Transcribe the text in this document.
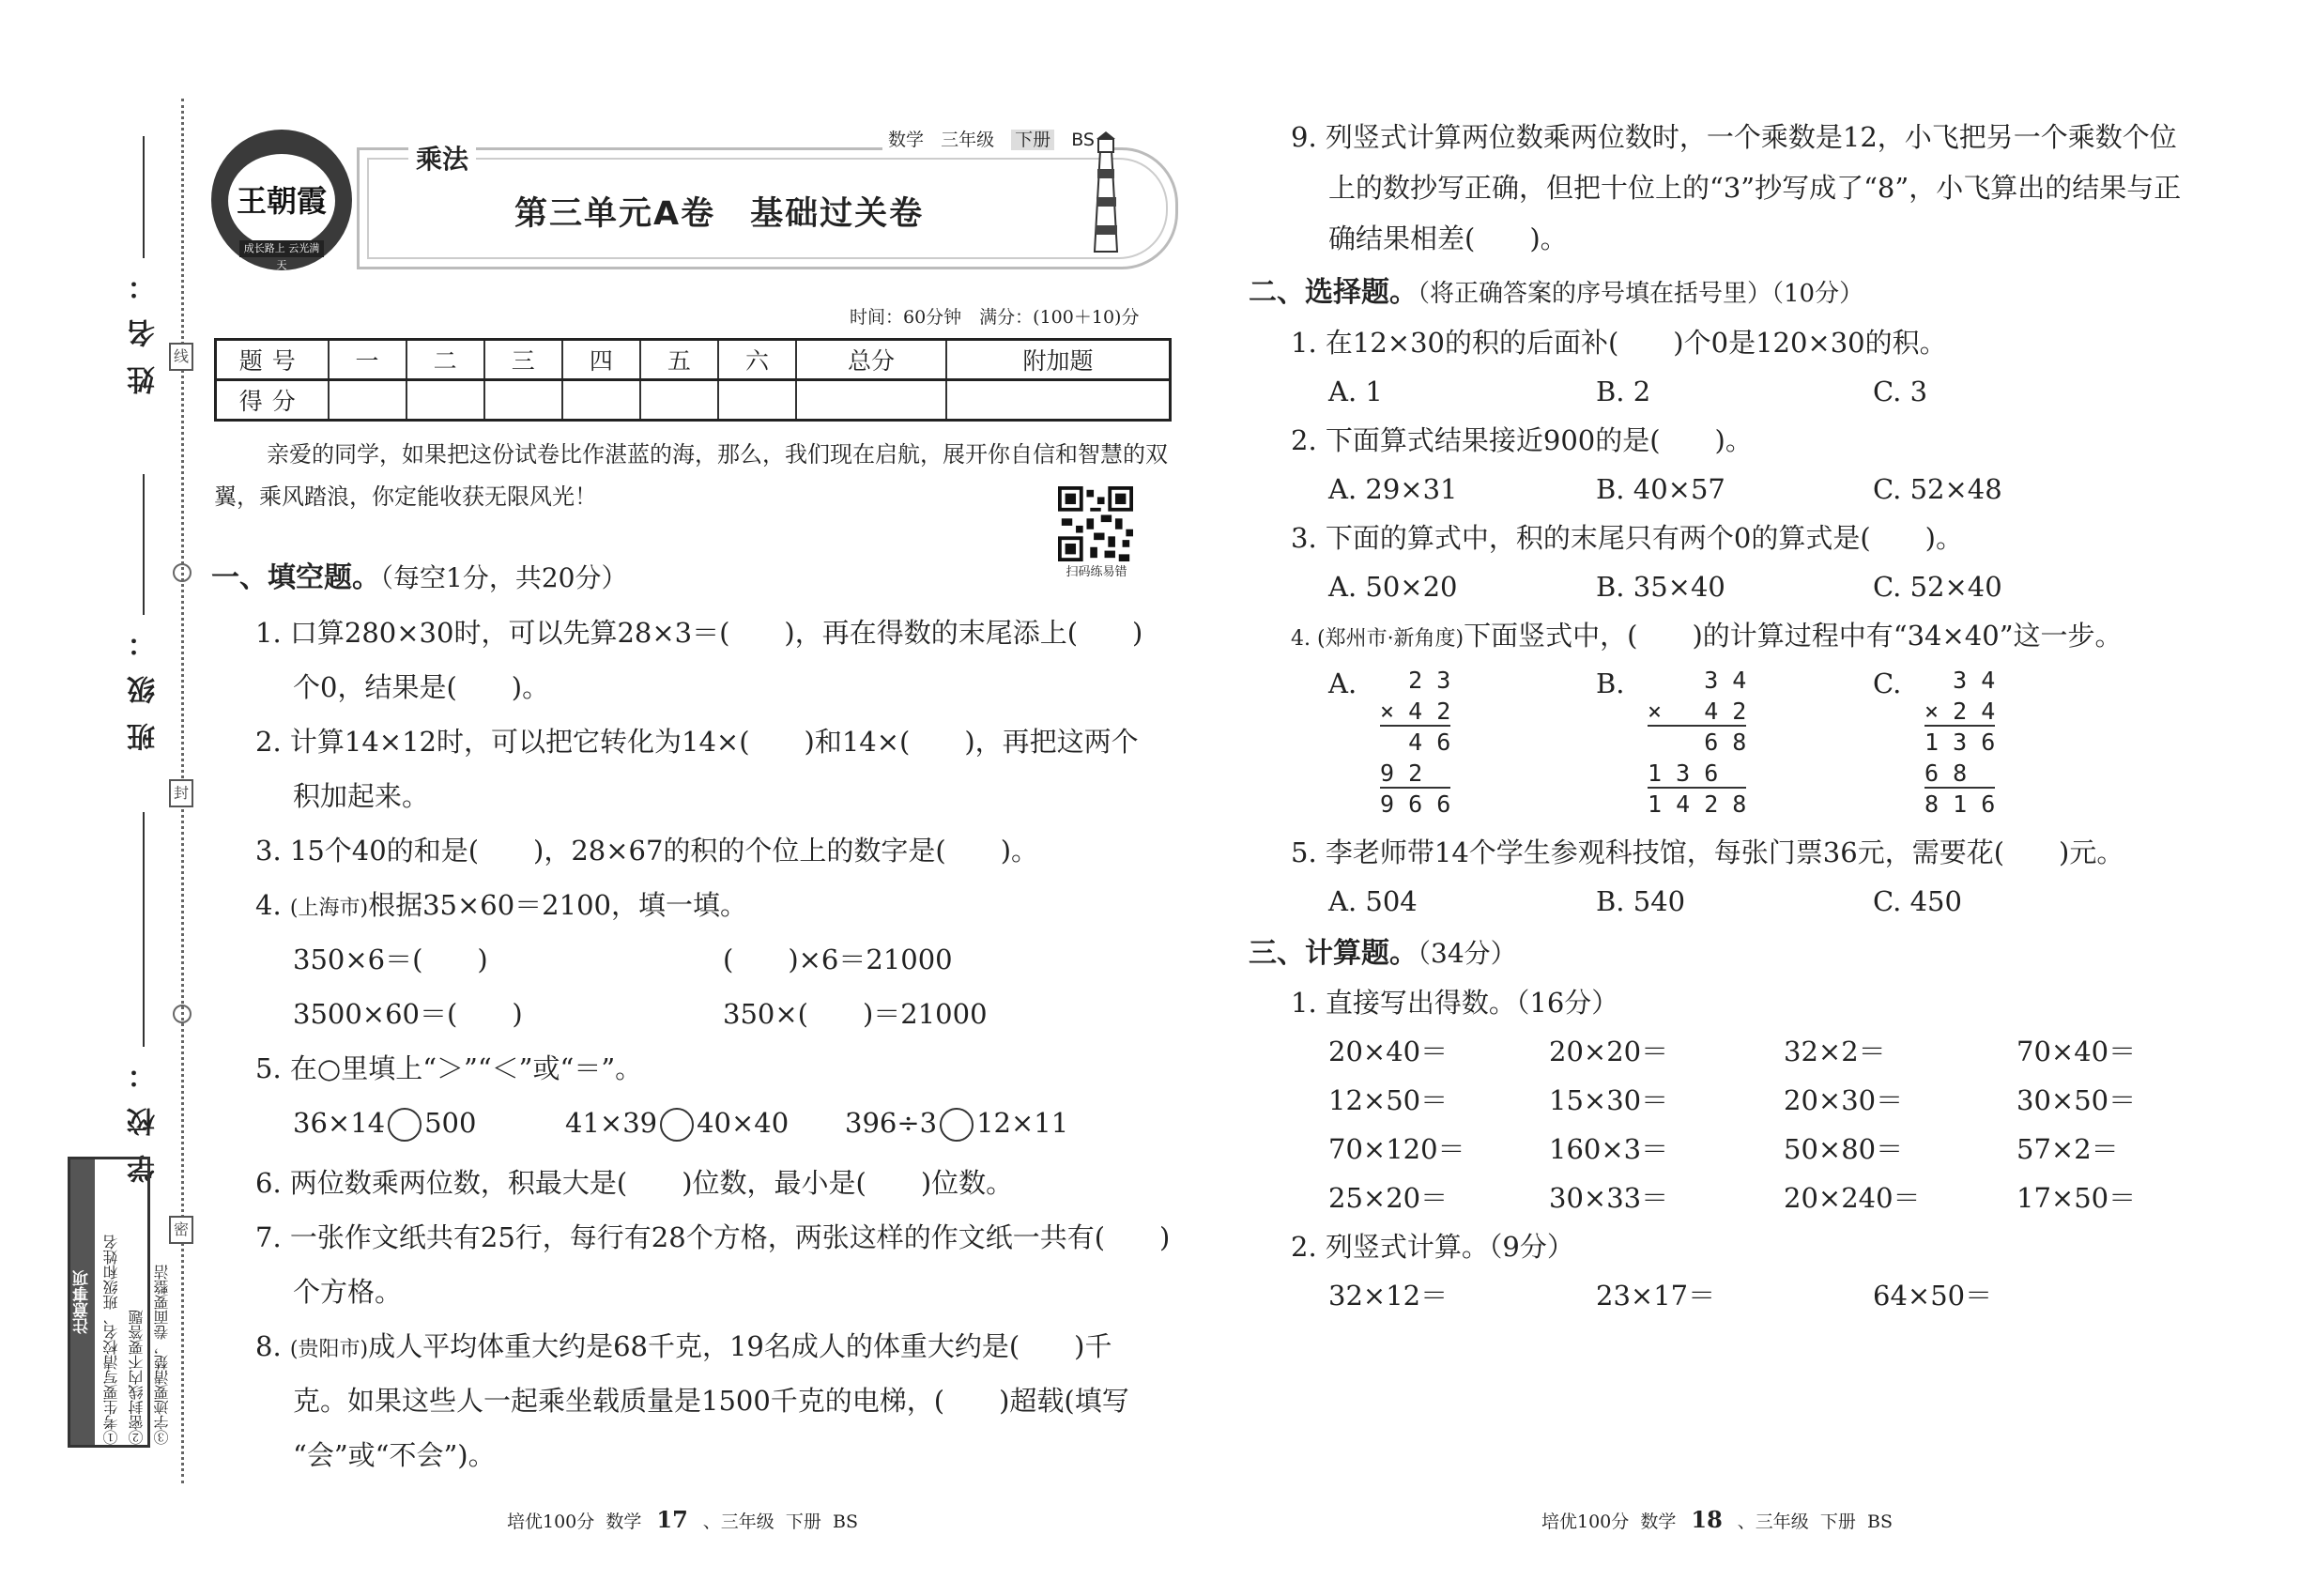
姓名：
班级：
学校：
线
封
密
注意事项 ①考生要写清校名、班级和姓名 ②密封线内不要答题 ③字迹要清楚，卷面要整洁
王朝霞
成长路上 云光满天
乘法
数学 三年级 下册 BS
第三单元A卷　基础过关卷
时间：60分钟　满分：(100＋10)分
题号	一	二	三	四	五	六	总分	附加题
得分								
亲爱的同学，如果把这份试卷比作湛蓝的海，那么，我们现在启航，展开你自信和智慧的双翼，乘风踏浪，你定能收获无限风光！
扫码练易错
一、填空题。（每空1分，共20分）
1. 口算280×30时，可以先算28×3＝(　　)，再在得数的末尾添上(　　)
个0，结果是(　　)。
2. 计算14×12时，可以把它转化为14×(　　)和14×(　　)，再把这两个
积加起来。
3. 15个40的和是(　　)，28×67的积的个位上的数字是(　　)。
4. (上海市)根据35×60＝2100，填一填。
350×6＝(　　)	(　　)×6＝21000
3500×60＝(　　)	350×(　　)＝21000
5. 在○里填上“＞”“＜”或“＝”。
36×14 500	41×39 40×40 396÷3 12×11
6. 两位数乘两位数，积最大是(　　)位数，最小是(　　)位数。
7. 一张作文纸共有25行，每行有28个方格，两张这样的作文纸一共有(　　)
个方格。
8. (贵阳市)成人平均体重大约是68千克，19名成人的体重大约是(　　)千
克。如果这些人一起乘坐载质量是1500千克的电梯，(　　)超载(填写
“会”或“不会”)。
9. 列竖式计算两位数乘两位数时，一个乘数是12，小飞把另一个乘数个位
上的数抄写正确，但把十位上的“3”抄写成了“8”，小飞算出的结果与正
确结果相差(　　)。
二、选择题。（将正确答案的序号填在括号里）（10分）
1. 在12×30的积的后面补(　　)个0是120×30的积。
A. 1	B. 2	C. 3
2. 下面算式结果接近900的是(　　)。
A. 29×31	B. 40×57	C. 52×48
3. 下面的算式中，积的末尾只有两个0的算式是(　　)。
A. 50×20	B. 35×40	C. 52×40
4. (郑州市·新角度)下面竖式中，(　　)的计算过程中有“34×40”这一步。
A. 2 3
× 4 2
4 6
9 2
9 6 6
B. 3 4
×   4 2
6 8
1 3 6
1 4 2 8
C. 3 4
× 2 4
1 3 6
6 8
8 1 6
5. 李老师带14个学生参观科技馆，每张门票36元，需要花(　　)元。
A. 504	B. 540	C. 450
三、计算题。（34分）
1. 直接写出得数。（16分）
20×40＝	20×20＝	32×2＝	70×40＝
12×50＝	15×30＝	20×30＝	30×50＝
70×120＝	160×3＝	50×80＝	57×2＝
25×20＝	30×33＝	20×240＝	17×50＝
2. 列竖式计算。（9分）
32×12＝	23×17＝	64×50＝
培优100分 数学 17 、三年级 下册 BS	培优100分 数学 18 、三年级 下册 BS
